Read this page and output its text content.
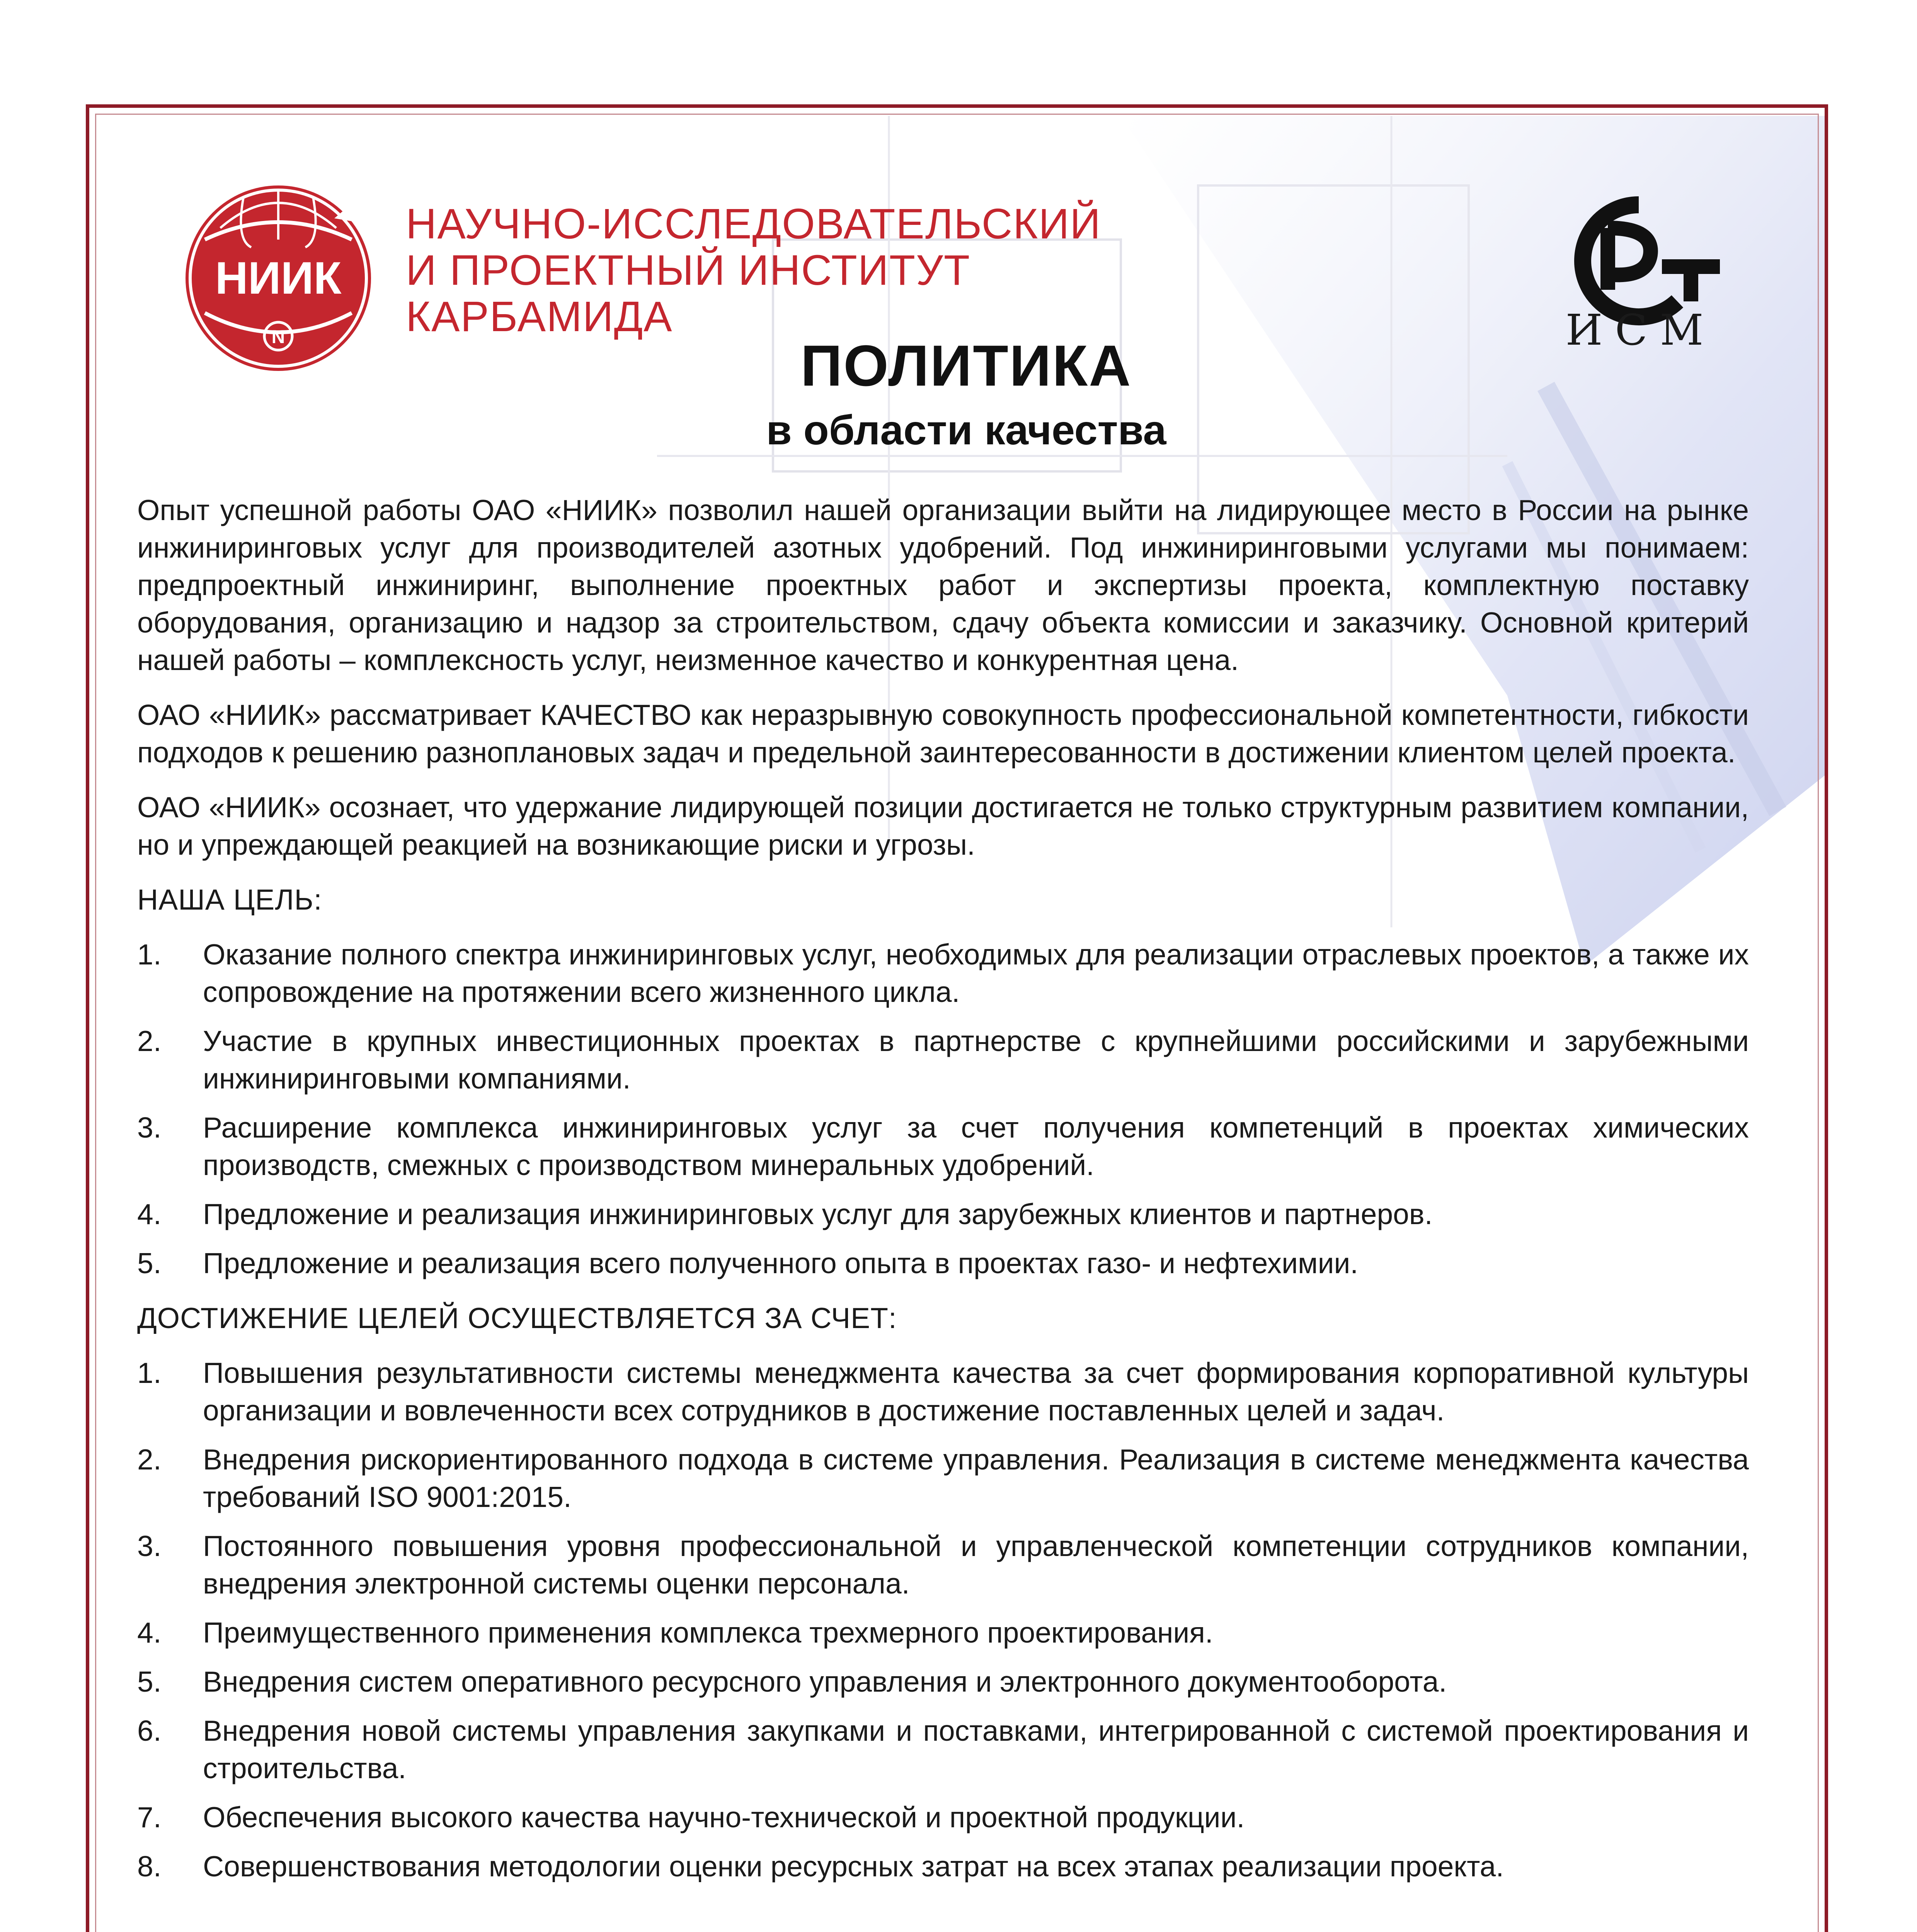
НИИК
N
НАУЧНО-ИССЛЕДОВАТЕЛЬСКИЙ
И ПРОЕКТНЫЙ ИНСТИТУТ
КАРБАМИДА	ИСМ
ПОЛИТИКА
в области качества

Опыт успешной работы ОАО «НИИК» позволил нашей организации выйти на лидирующее место в России на рынке инжиниринговых услуг для производителей азотных удобрений. Под инжиниринговыми услугами мы понимаем: предпроектный инжиниринг, выполнение проектных работ и экспертизы проекта, комплектную поставку оборудования, организацию и надзор за строительством, сдачу объекта комиссии и заказчику. Основной критерий нашей работы – комплексность услуг, неизменное качество и конкурентная цена.

ОАО «НИИК» рассматривает КАЧЕСТВО как неразрывную совокупность профессиональной компетентности, гибкости подходов к решению разноплановых задач и предельной заинтересованности в достижении клиентом целей проекта.

ОАО «НИИК» осознает, что удержание лидирующей позиции достигается не только структурным развитием компании, но и упреждающей реакцией на возникающие риски и угрозы.

НАША ЦЕЛЬ:
1.	Оказание полного спектра инжиниринговых услуг, необходимых для реализации отраслевых проектов, а также их сопровождение на протяжении всего жизненного цикла.
2.	Участие в крупных инвестиционных проектах в партнерстве с крупнейшими российскими и зарубежными инжиниринговыми компаниями.
3.	Расширение комплекса инжиниринговых услуг за счет получения компетенций в проектах химических производств, смежных с производством минеральных удобрений.
4.	Предложение и реализация инжиниринговых услуг для зарубежных клиентов и партнеров.
5.	Предложение и реализация всего полученного опыта в проектах газо- и нефтехимии.
ДОСТИЖЕНИЕ ЦЕЛЕЙ ОСУЩЕСТВЛЯЕТСЯ ЗА СЧЕТ:
1.	Повышения результативности системы менеджмента качества за счет формирования корпоративной культуры организации и вовлеченности всех сотрудников в достижение поставленных целей и задач.
2.	Внедрения рискориентированного подхода в системе управления. Реализация в системе менеджмента качества требований ISO 9001:2015.
3.	Постоянного повышения уровня профессиональной и управленческой компетенции сотрудников компании, внедрения электронной системы оценки персонала.
4.	Преимущественного применения комплекса трехмерного проектирования.
5.	Внедрения систем оперативного ресурсного управления и электронного документооборота.
6.	Внедрения новой системы управления закупками и поставками, интегрированной с системой проектирования и строительства.
7.	Обеспечения высокого качества научно-технической и проектной продукции.
8.	Совершенствования методологии оценки ресурсных затрат на всех этапах реализации проекта.
